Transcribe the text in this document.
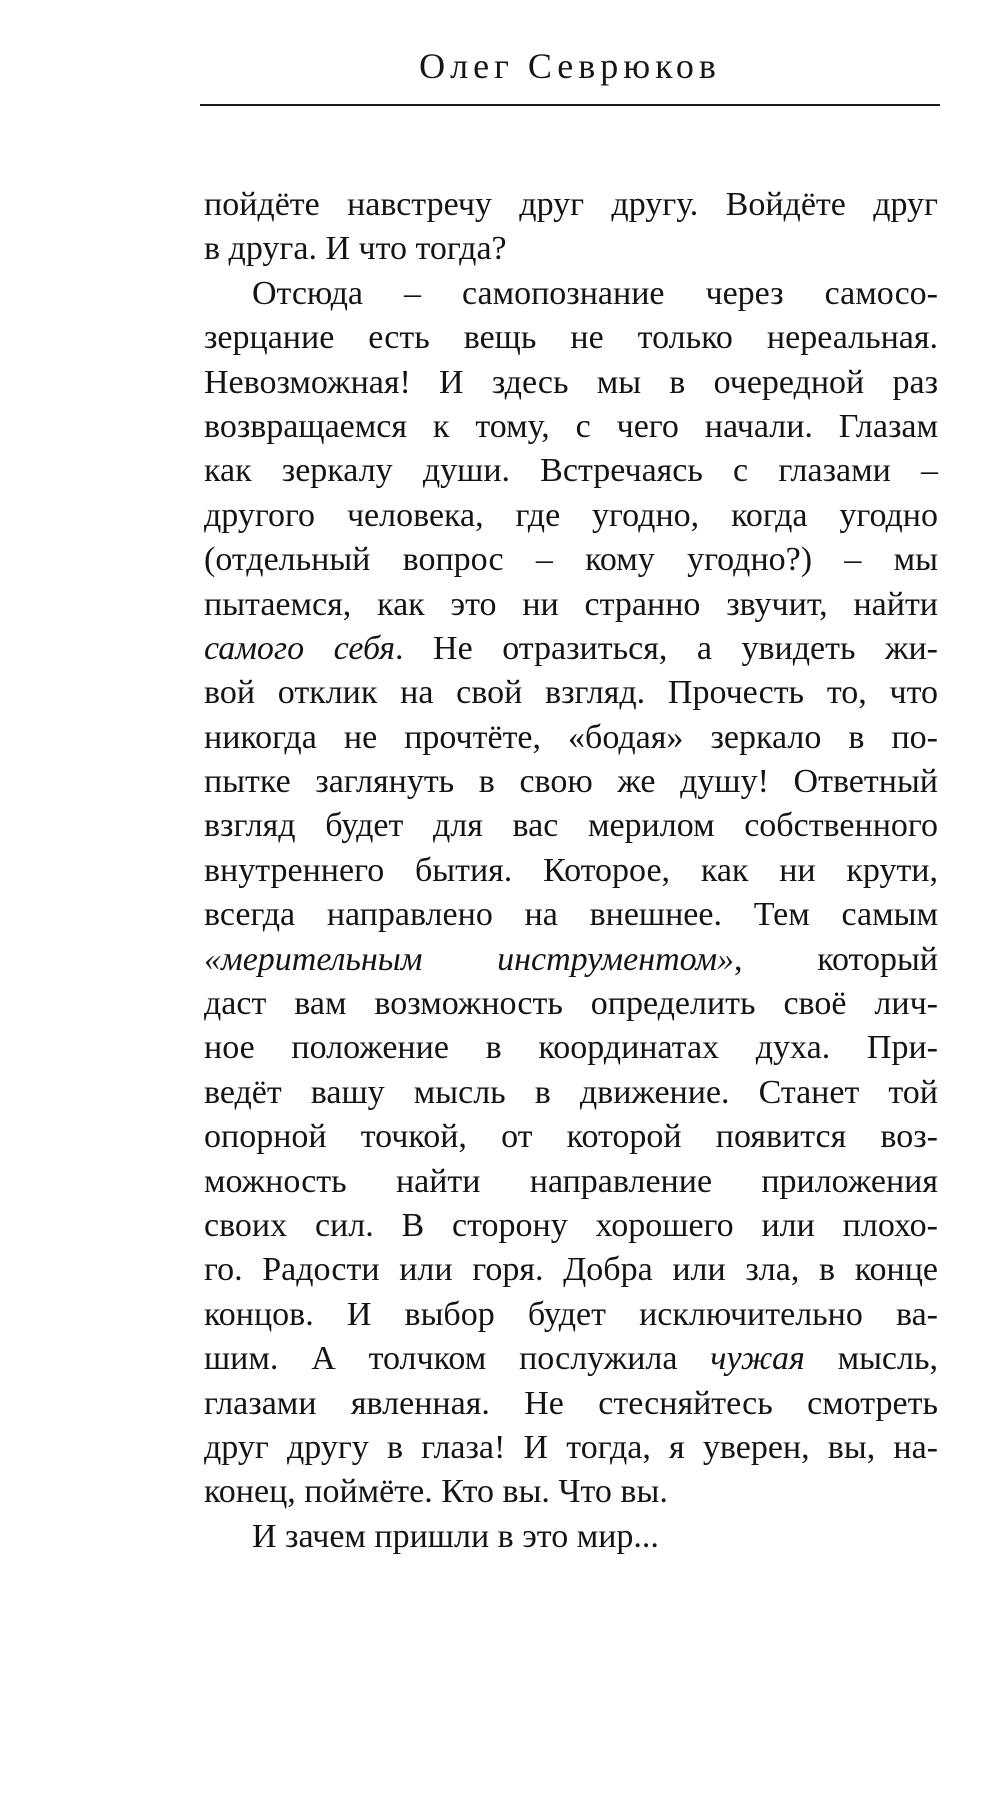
Олег Севрюков
пойдёте навстречу друг другу. Войдёте друг
в друга. И что тогда?
Отсюда – самопознание через самосо-
зерцание есть вещь не только нереальная.
Невозможная! И здесь мы в очередной раз
возвращаемся к тому, с чего начали. Глазам
как зеркалу души. Встречаясь с глазами –
другого человека, где угодно, когда угодно
(отдельный вопрос – кому угодно?) – мы
пытаемся, как это ни странно звучит, найти
самого себя. Не отразиться, а увидеть жи-
вой отклик на свой взгляд. Прочесть то, что
никогда не прочтёте, «бодая» зеркало в по-
пытке заглянуть в свою же душу! Ответный
взгляд будет для вас мерилом собственного
внутреннего бытия. Которое, как ни крути,
всегда направлено на внешнее. Тем самым
«мерительным инструментом», который
даст вам возможность определить своё лич-
ное положение в координатах духа. При-
ведёт вашу мысль в движение. Станет той
опорной точкой, от которой появится воз-
можность найти направление приложения
своих сил. В сторону хорошего или плохо-
го. Радости или горя. Добра или зла, в конце
концов. И выбор будет исключительно ва-
шим. А толчком послужила чужая мысль,
глазами явленная. Не стесняйтесь смотреть
друг другу в глаза! И тогда, я уверен, вы, на-
конец, поймёте. Кто вы. Что вы.
И зачем пришли в это мир...
